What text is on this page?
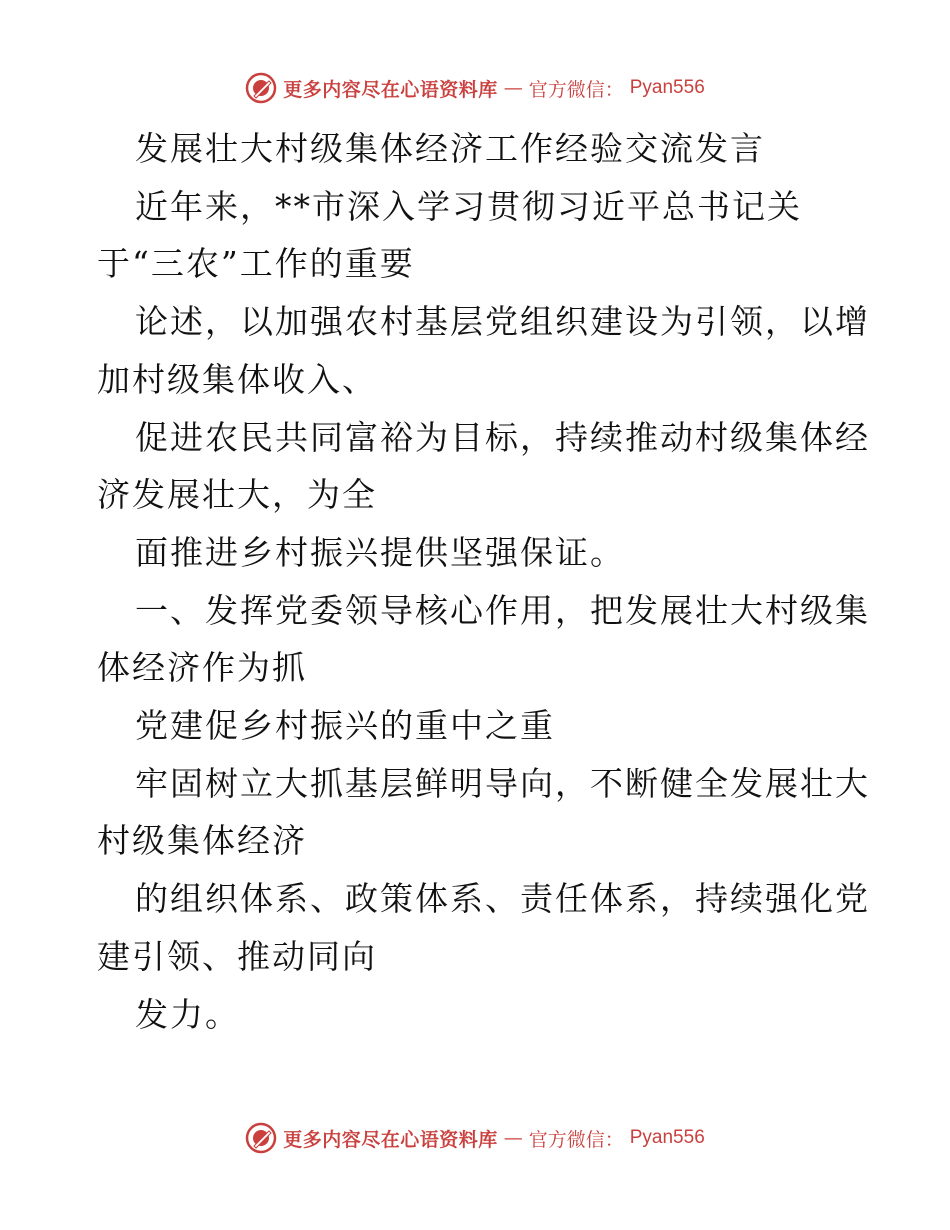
更多内容尽在心语资料库 — 官方微信： Pyan556
发展壮大村级集体经济工作经验交流发言
近年来，**市深入学习贯彻习近平总书记关
于“三农”工作的重要
论述，以加强农村基层党组织建设为引领，以增
加村级集体收入、
促进农民共同富裕为目标，持续推动村级集体经
济发展壮大，为全
面推进乡村振兴提供坚强保证。
一、发挥党委领导核心作用，把发展壮大村级集
体经济作为抓
党建促乡村振兴的重中之重
牢固树立大抓基层鲜明导向，不断健全发展壮大
村级集体经济
的组织体系、政策体系、责任体系，持续强化党
建引领、推动同向
发力。
更多内容尽在心语资料库 — 官方微信： Pyan556
